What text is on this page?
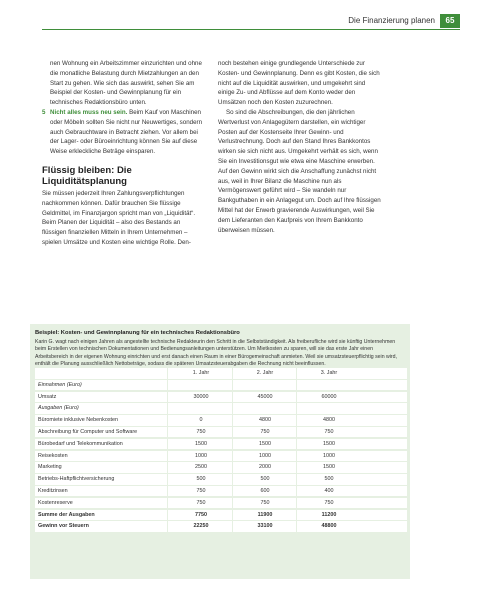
Die Finanzierung planen	65

nen Wohnung ein Arbeitszimmer einzurichten und ohne die monatliche Belastung durch Mietzahlungen an den Start zu gehen. Wie sich das auswirkt, sehen Sie am Beispiel der Kosten- und Gewinnplanung für ein technisches Redaktionsbüro unten.

5 Nicht alles muss neu sein. Beim Kauf von Maschinen oder Möbeln sollten Sie nicht nur Neuwertiges, sondern auch Gebrauchtware in Betracht ziehen. Vor allem bei der Lager- oder Büroeinrichtung können Sie auf diese Weise erkleckliche Beträge einsparen.

Flüssig bleiben: Die Liquiditätsplanung

Sie müssen jederzeit Ihren Zahlungsverpflichtungen nachkommen können. Dafür brauchen Sie flüssige Geldmittel, im Finanzjargon spricht man von „Liquidität“. Beim Planen der Liquidität – also des Bestands an flüssigen finanziellen Mitteln in Ihrem Unternehmen – spielen Umsätze und Kosten eine wichtige Rolle. Den-

noch bestehen einige grundlegende Unterschiede zur Kosten- und Gewinnplanung. Denn es gibt Kosten, die sich nicht auf die Liquidität auswirken, und umgekehrt sind einige Zu- und Abflüsse auf dem Konto weder den Umsätzen noch den Kosten zuzurechnen.

So sind die Abschreibungen, die den jährlichen Wertverlust von Anlagegütern darstellen, ein wichtiger Posten auf der Kostenseite Ihrer Gewinn- und Verlustrechnung. Doch auf den Stand Ihres Bankkontos wirken sie sich nicht aus. Umgekehrt verhält es sich, wenn Sie ein Investitionsgut wie etwa eine Maschine erwerben. Auf den Gewinn wirkt sich die Anschaffung zunächst nicht aus, weil in Ihrer Bilanz die Maschine nun als Vermögenswert geführt wird – Sie wandeln nur Bankguthaben in ein Anlagegut um. Doch auf Ihre flüssigen Mittel hat der Erwerb gravierende Auswirkungen, weil Sie dem Lieferanten den Kaufpreis von Ihrem Bankkonto überweisen müssen.

Beispiel: Kosten- und Gewinnplanung für ein technisches Redaktionsbüro
Karin G. wagt nach einigen Jahren als angestellte technische Redakteurin den Schritt in die Selbstständigkeit. Als freiberufliche wird sie künftig Unternehmen beim Erstellen von technischen Dokumentationen und Bedienungsanleitungen unterstützen. Um Mietkosten zu sparen, will sie das erste Jahr einen Arbeitsbereich in der eigenen Wohnung einrichten und erst danach einen Raum in einer Bürogemeinschaft anmieten. Weil sie umsatzsteuerpflichtig sein wird, enthält die Planung ausschließlich Nettobeträge, sodass die späteren Umsatzsteuerabgaben die Rechnung nicht beeinflussen.
1. Jahr	2. Jahr	3. Jahr
Einnahmen (Euro)
Umsatz	30000	45000	60000
Ausgaben (Euro)
Büromiete inklusive Nebenkosten	0	4800	4800
Abschreibung für Computer und Software	750	750	750
Bürobedarf und Telekommunikation	1500	1500	1500
Reisekosten	1000	1000	1000
Marketing	2500	2000	1500
Betriebs-Haftpflichtversicherung	500	500	500
Kreditzinsen	750	600	400
Kostenreserve	750	750	750
Summe der Ausgaben	7750	11900	11200
Gewinn vor Steuern	22250	33100	48800
